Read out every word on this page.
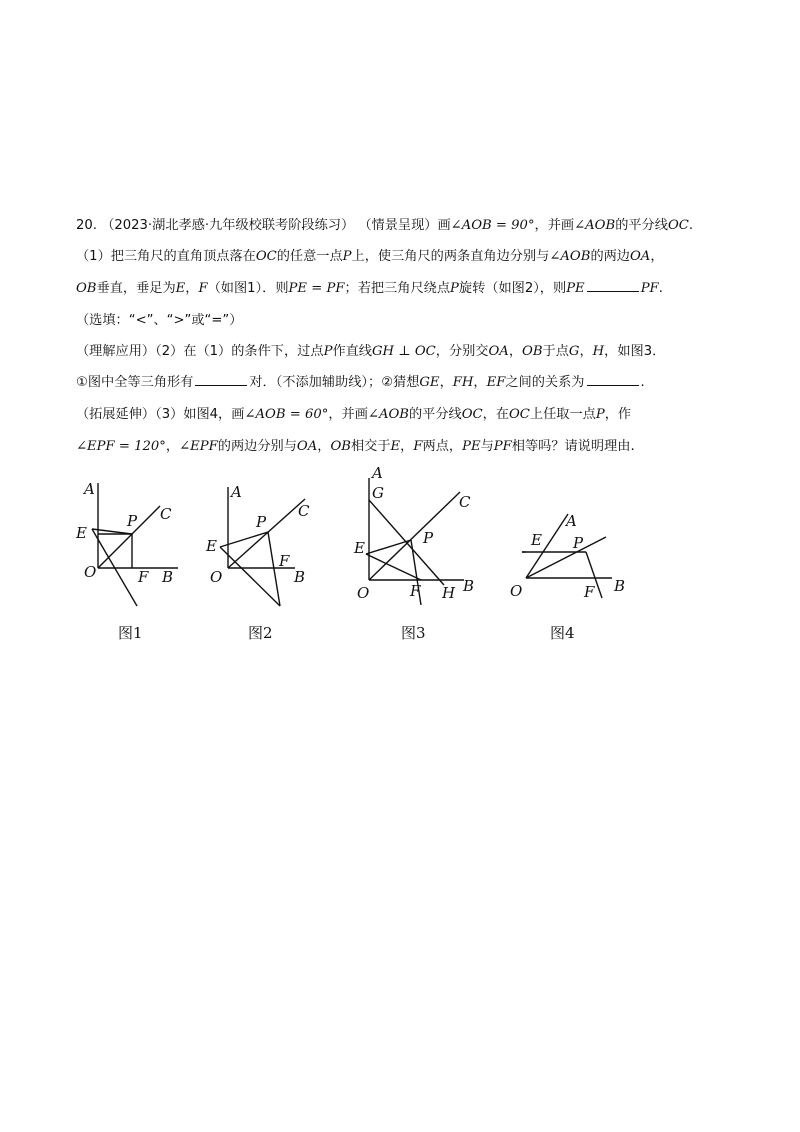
20. （2023·湖北孝感·九年级校联考阶段练习） （情景呈现）画∠AOB = 90°，并画∠AOB的平分线OC.
（1）把三角尺的直角顶点落在OC的任意一点P上，使三角尺的两条直角边分别与∠AOB的两边OA，
OB垂直，垂足为E，F（如图1）．则PE = PF；若把三角尺绕点P旋转（如图2），则PE	PF.
（选填：“<”、“>”或“=”）
（理解应用）（2）在（1）的条件下，过点P作直线GH ⊥ OC，分别交OA，OB于点G，H，如图3．
①图中全等三角形有	对．（不添加辅助线）；②猜想GE，FH，EF之间的关系为	.
（拓展延伸）（3）如图4，画∠AOB = 60°，并画∠AOB的平分线OC，在OC上任取一点P，作
∠EPF = 120°，∠EPF的两边分别与OA，OB相交于E，F两点，PE与PF相等吗？请说明理由.
A
E
P C
O	F B
A
P
C
E
F
O	B
A
G	C
P
E
O	F H B
A
E P
O	F B
图1	图2	图3	图4
